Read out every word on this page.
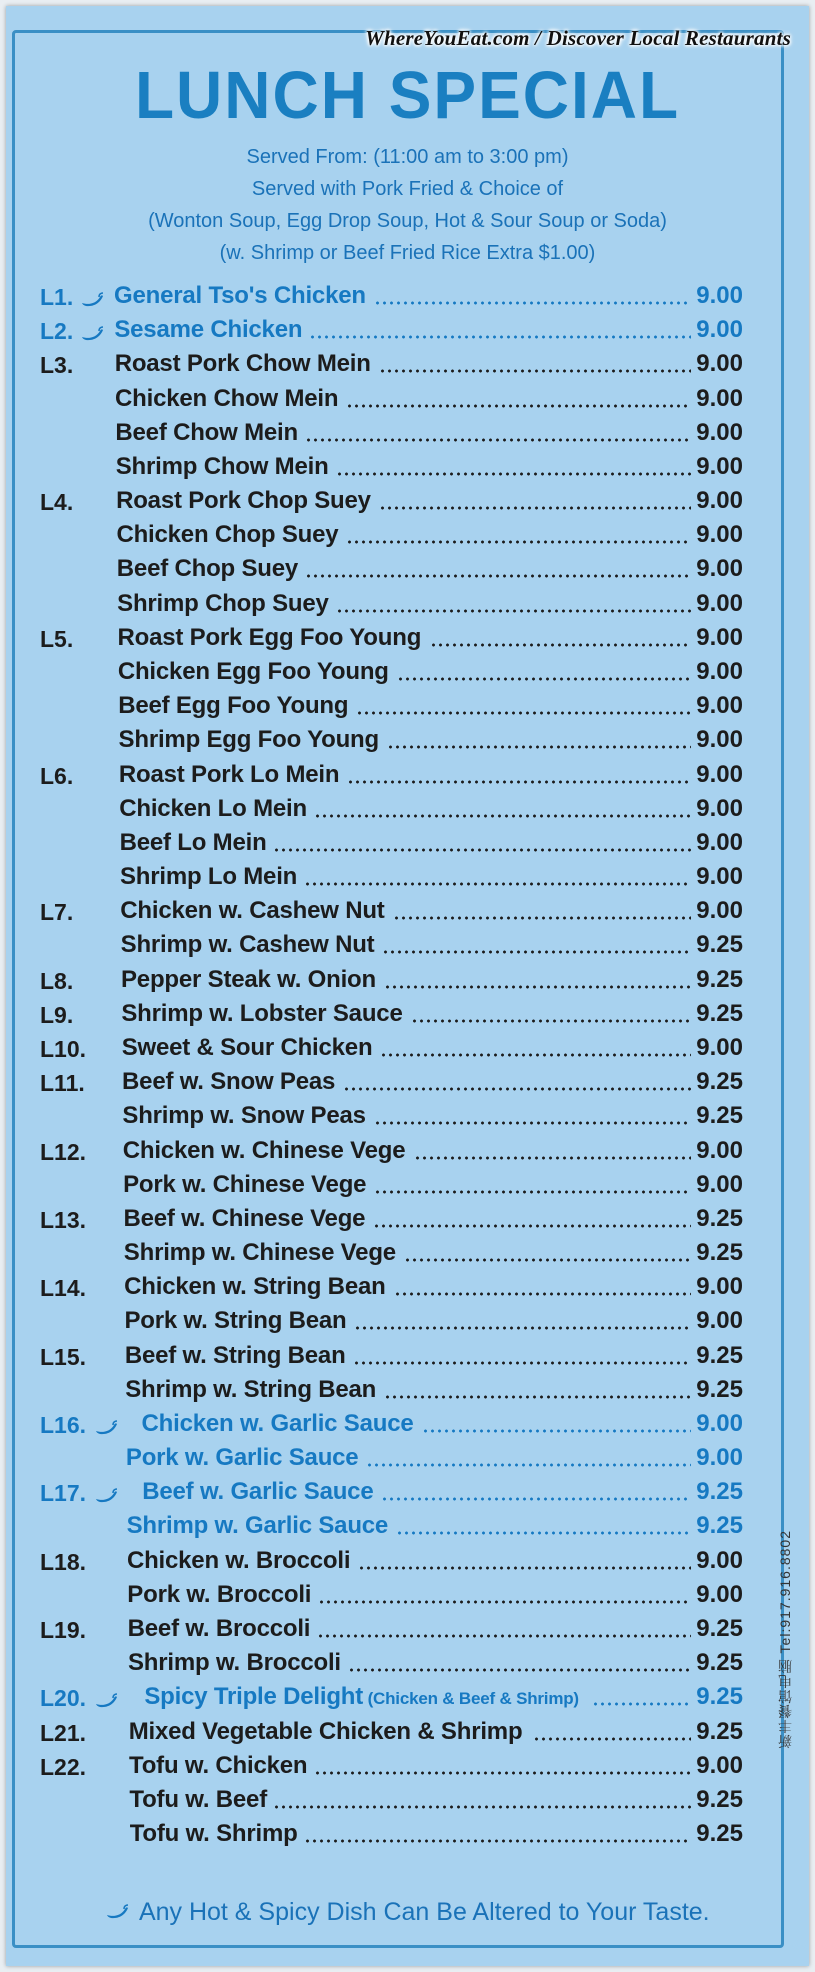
WhereYouEat.com / Discover Local Restaurants
LUNCH SPECIAL
Served From: (11:00 am to 3:00 pm)
Served with Pork Fried & Choice of
(Wonton Soup, Egg Drop Soup, Hot & Sour Soup or Soda)
(w. Shrimp or Beef Fried Rice Extra $1.00)
L1. General Tso's Chicken	9.00
L2. Sesame Chicken	9.00
L3. Roast Pork Chow Mein	9.00
Chicken Chow Mein	9.00
Beef Chow Mein	9.00
Shrimp Chow Mein	9.00
L4. Roast Pork Chop Suey	9.00
Chicken Chop Suey	9.00
Beef Chop Suey	9.00
Shrimp Chop Suey	9.00
L5. Roast Pork Egg Foo Young	9.00
Chicken Egg Foo Young	9.00
Beef Egg Foo Young	9.00
Shrimp Egg Foo Young	9.00
L6. Roast Pork Lo Mein	9.00
Chicken Lo Mein	9.00
Beef Lo Mein	9.00
Shrimp Lo Mein	9.00
L7. Chicken w. Cashew Nut	9.00
Shrimp w. Cashew Nut	9.25
L8. Pepper Steak w. Onion	9.25
L9. Shrimp w. Lobster Sauce	9.25
L10. Sweet & Sour Chicken	9.00
L11. Beef w. Snow Peas	9.25
Shrimp w. Snow Peas	9.25
L12. Chicken w. Chinese Vege	9.00
Pork w. Chinese Vege	9.00
L13. Beef w. Chinese Vege	9.25
Shrimp w. Chinese Vege	9.25
L14. Chicken w. String Bean	9.00
Pork w. String Bean	9.00
L15. Beef w. String Bean	9.25
Shrimp w. String Bean	9.25
L16. Chicken w. Garlic Sauce	9.00
Pork w. Garlic Sauce	9.00
L17. Beef w. Garlic Sauce	9.25
Shrimp w. Garlic Sauce	9.25
L18. Chicken w. Broccoli	9.00
Pork w. Broccoli	9.00
L19. Beef w. Broccoli	9.25
Shrimp w. Broccoli	9.25
L20. Spicy Triple Delight (Chicken & Beef & Shrimp)	9.25
L21. Mixed Vegetable Chicken & Shrimp	9.25
L22. Tofu w. Chicken	9.00
Tofu w. Beef	9.25
Tofu w. Shrimp	9.25
新丰餐馆电脑 Tel:917.916.8802
Any Hot & Spicy Dish Can Be Altered to Your Taste.
